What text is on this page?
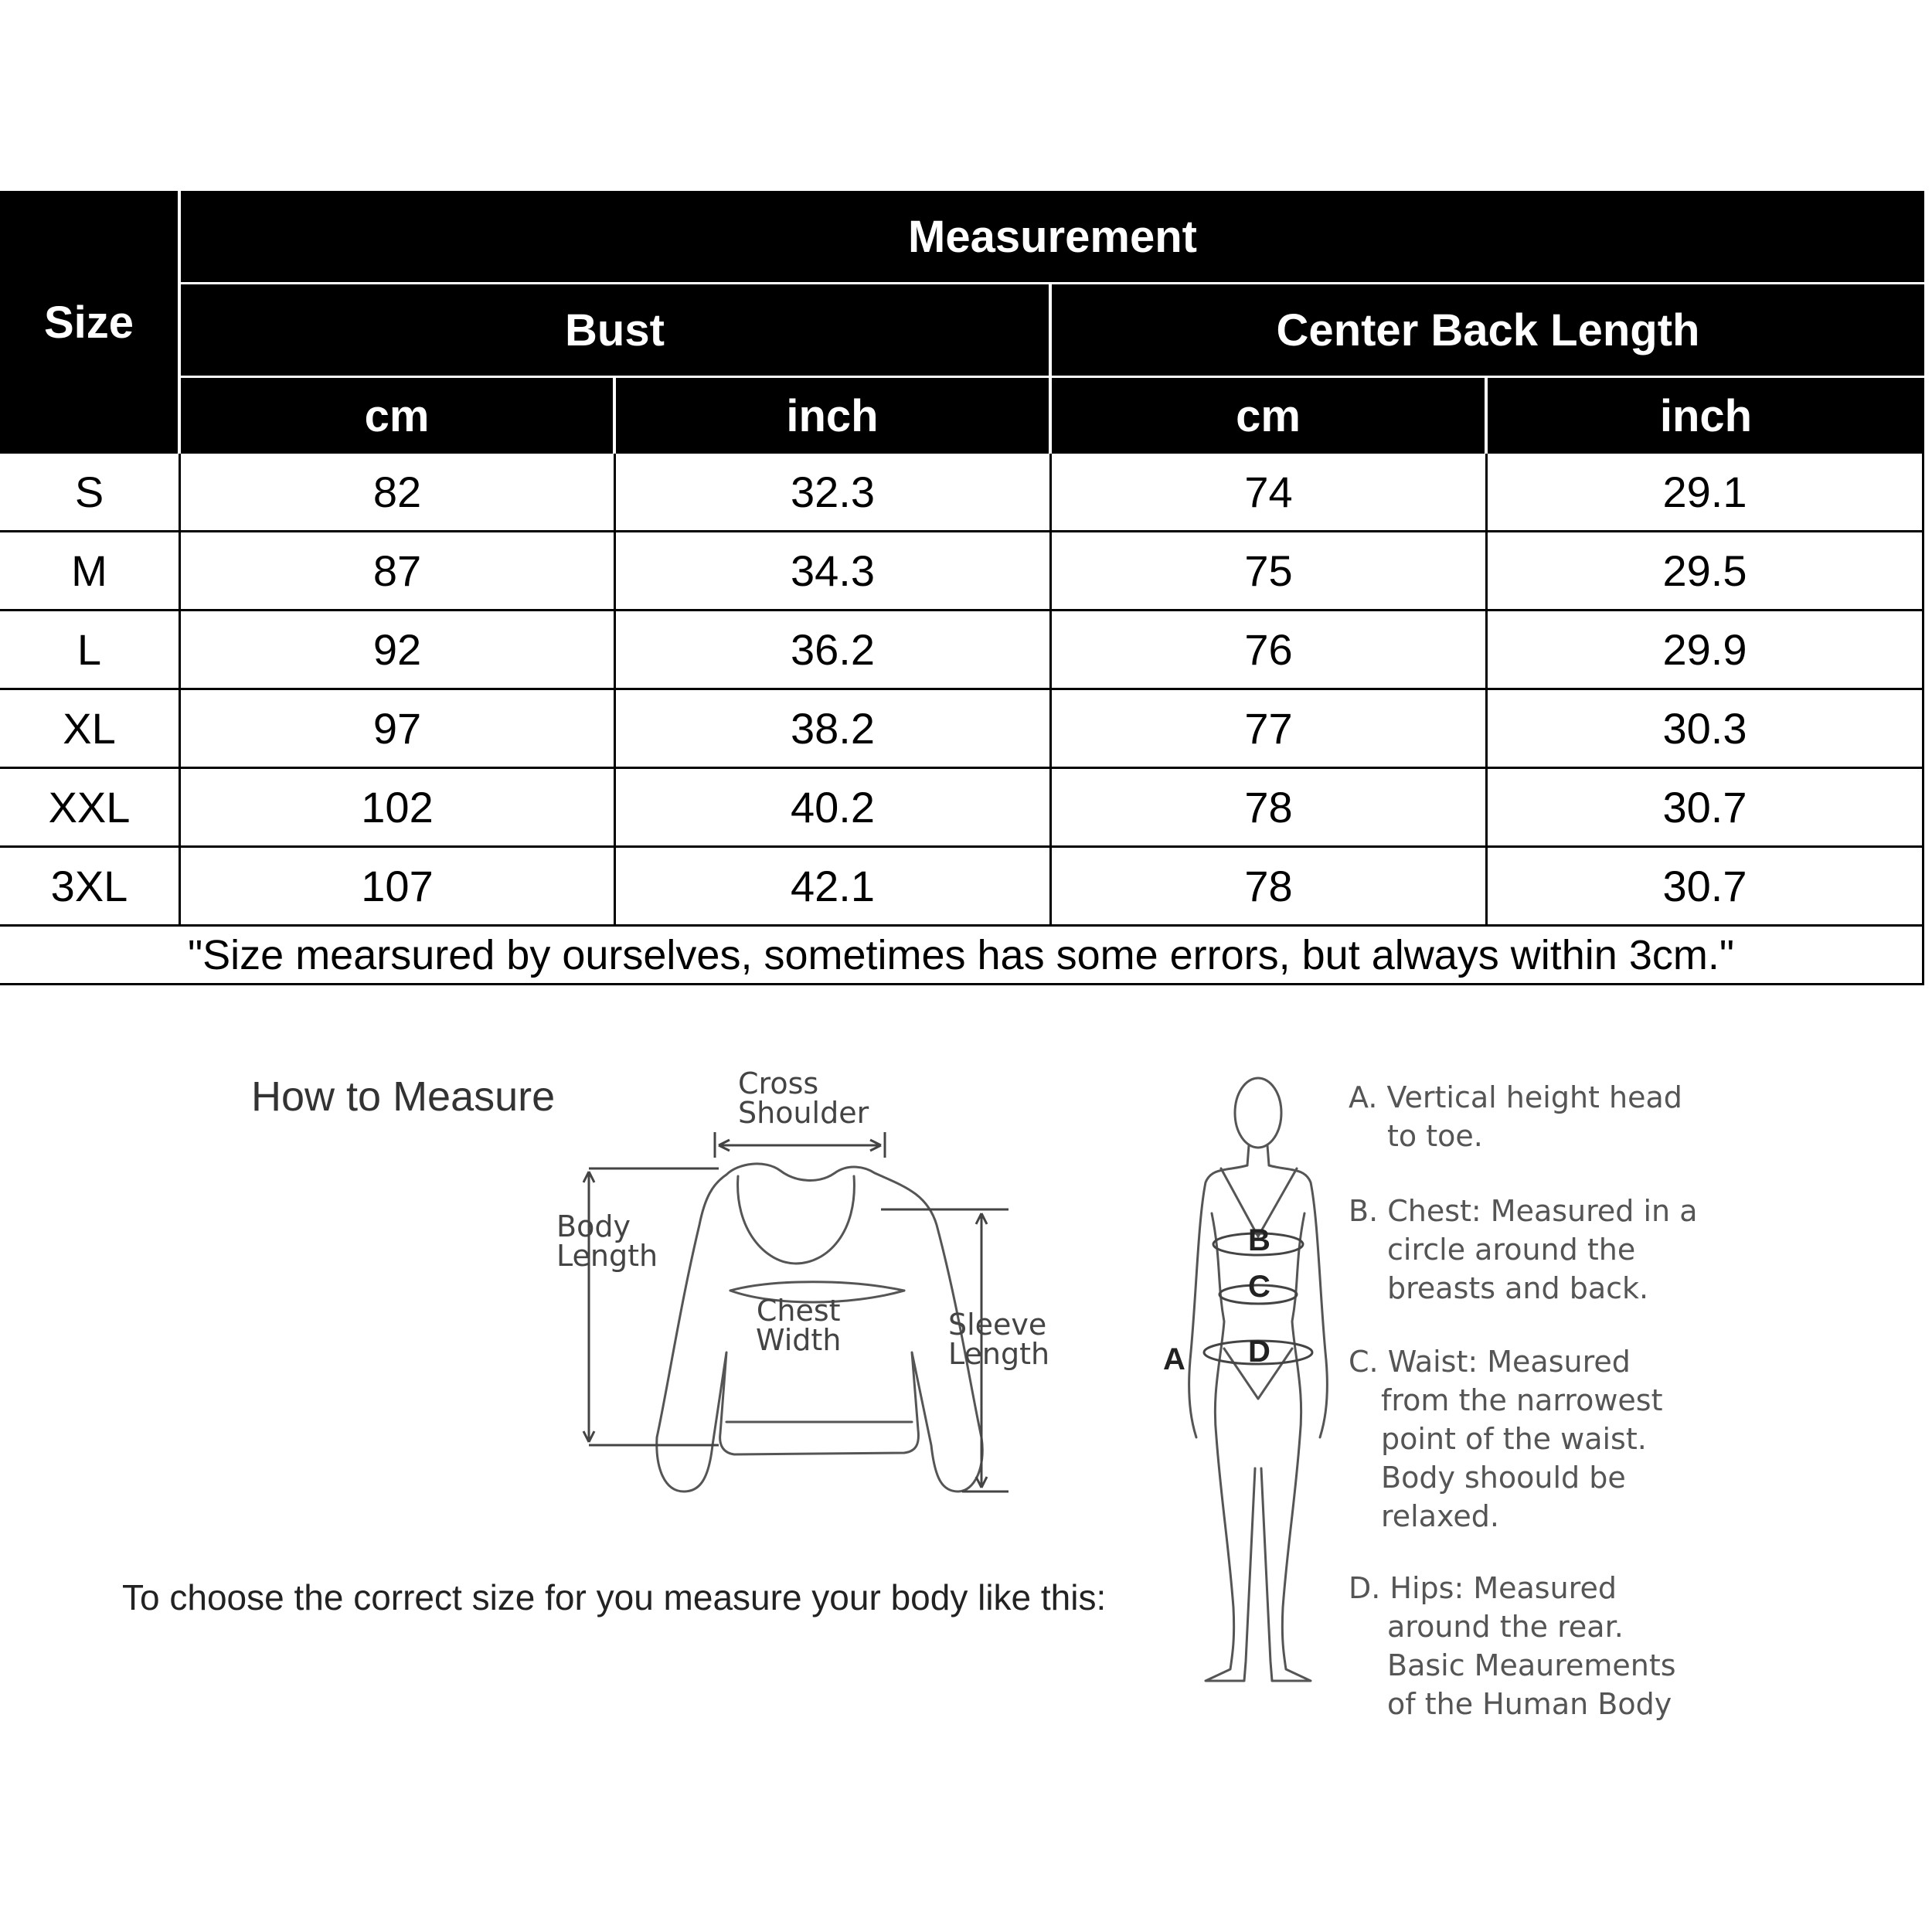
Size
Measurement
Bust	Center Back Length
cm	inch	cm	inch
S	82	32.3	74	29.1
M	87	34.3	75	29.5
L	92	36.2	76	29.9
XL	97	38.2	77	30.3
XXL	102	40.2	78	30.7
3XL	107	42.1	78	30.7
"Size mearsured by ourselves, sometimes has some errors, but always within 3cm."
How to Measure
To choose the correct size for you measure your body like this:
Cross
Shoulder
Body
Length
Chest
Width	Sleeve
Length	A
B
C
D
A. Vertical height head
to toe.
B. Chest: Measured in a
circle around the
breasts and back.
C. Waist: Measured
from the narrowest
point of the waist.
Body shoould be
relaxed.
D. Hips: Measured
around the rear.
Basic Meaurements
of the Human Body
